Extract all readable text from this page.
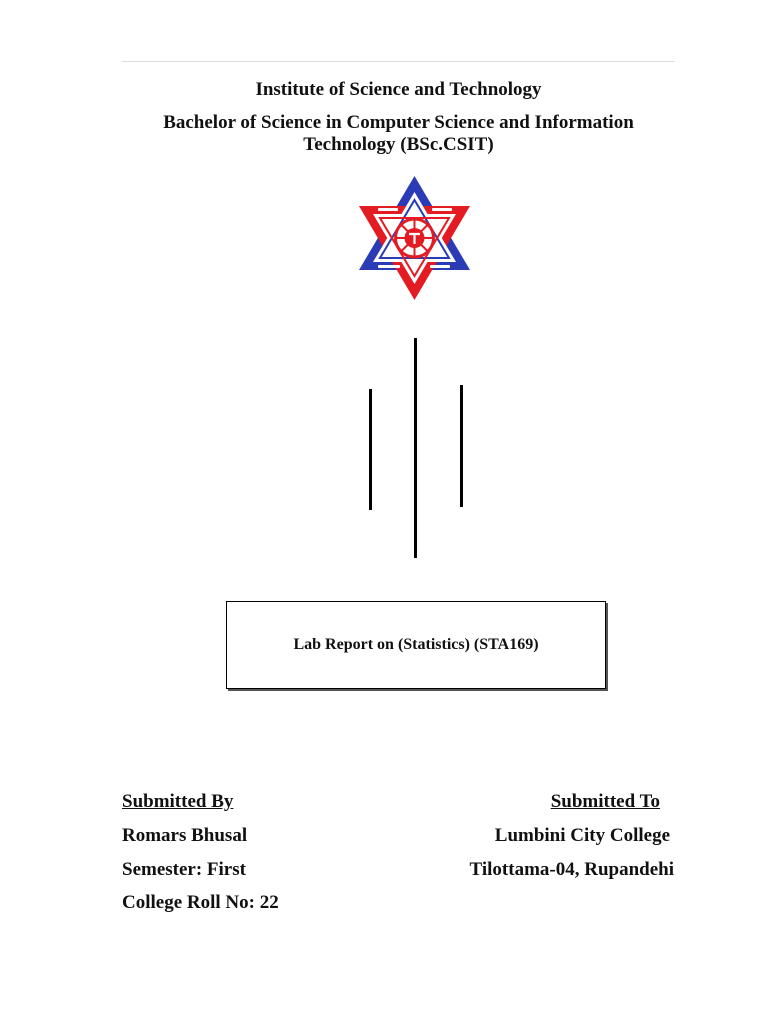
Institute of Science and Technology
Bachelor of Science in Computer Science and Information Technology (BSc.CSIT)
Lab Report on (Statistics) (STA169)
Submitted By	Submitted To
Romars Bhusal	Lumbini City College
Semester: First	Tilottama-04, Rupandehi
College Roll No: 22
